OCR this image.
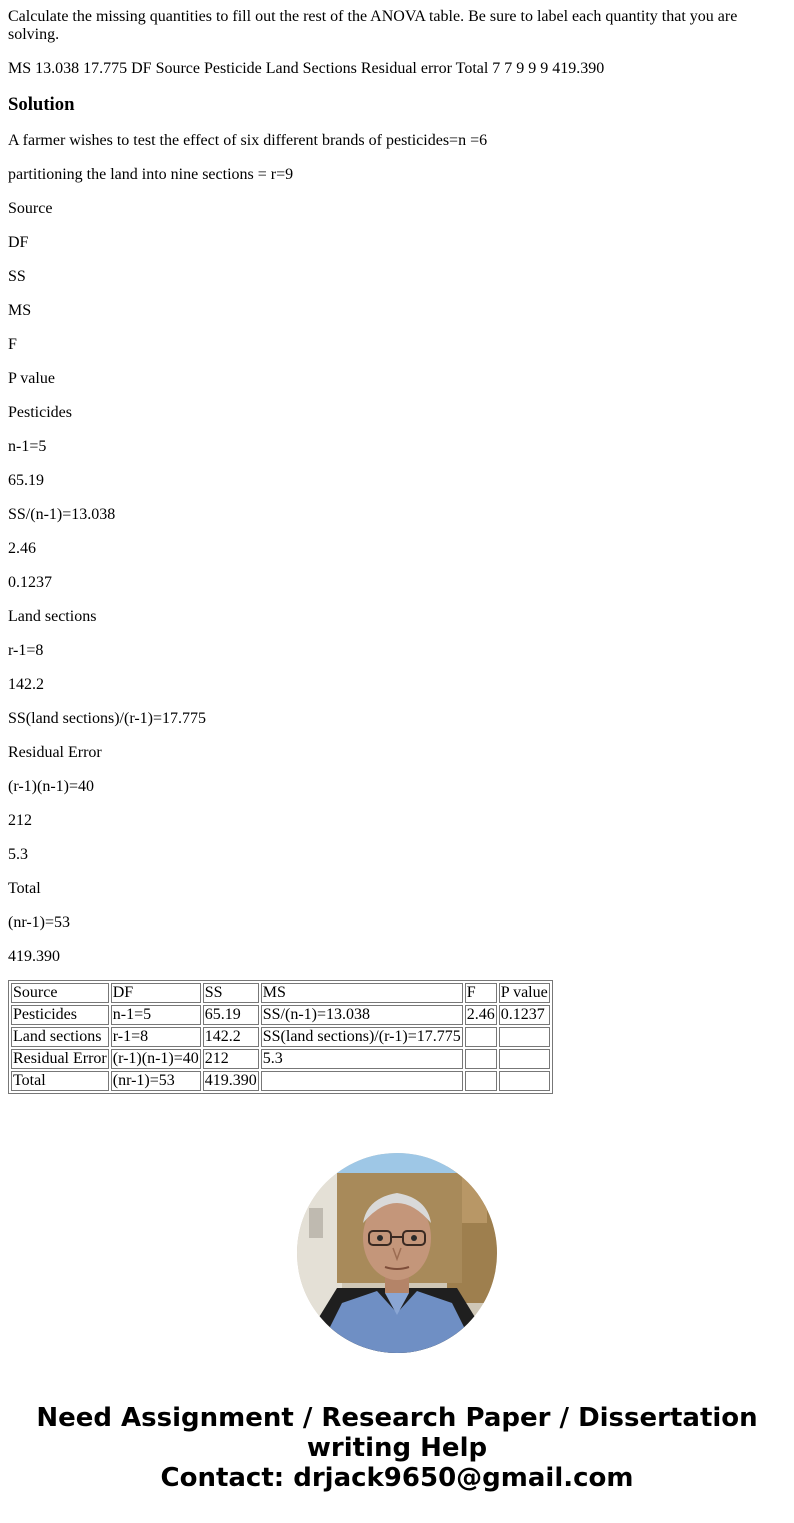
Calculate the missing quantities to fill out the rest of the ANOVA table. Be sure to label each quantity that you are solving.

MS 13.038 17.775 DF Source Pesticide Land Sections Residual error Total 7 7 9 9 9 419.390

Solution

A farmer wishes to test the effect of six different brands of pesticides=n =6

partitioning the land into nine sections = r=9

Source

DF

SS

MS

F

P value

Pesticides

n-1=5

65.19

SS/(n-1)=13.038

2.46

0.1237

Land sections

r-1=8

142.2

SS(land sections)/(r-1)=17.775

Residual Error

(r-1)(n-1)=40

212

5.3

Total

(nr-1)=53

419.390

Source	DF	SS	MS	F	P value
Pesticides	n-1=5	65.19	SS/(n-1)=13.038	2.46	0.1237
Land sections	r-1=8	142.2	SS(land sections)/(r-1)=17.775		
Residual Error	(r-1)(n-1)=40	212	5.3		
Total	(nr-1)=53	419.390			
Need Assignment / Research Paper / Dissertation
writing Help
Contact: drjack9650@gmail.com
